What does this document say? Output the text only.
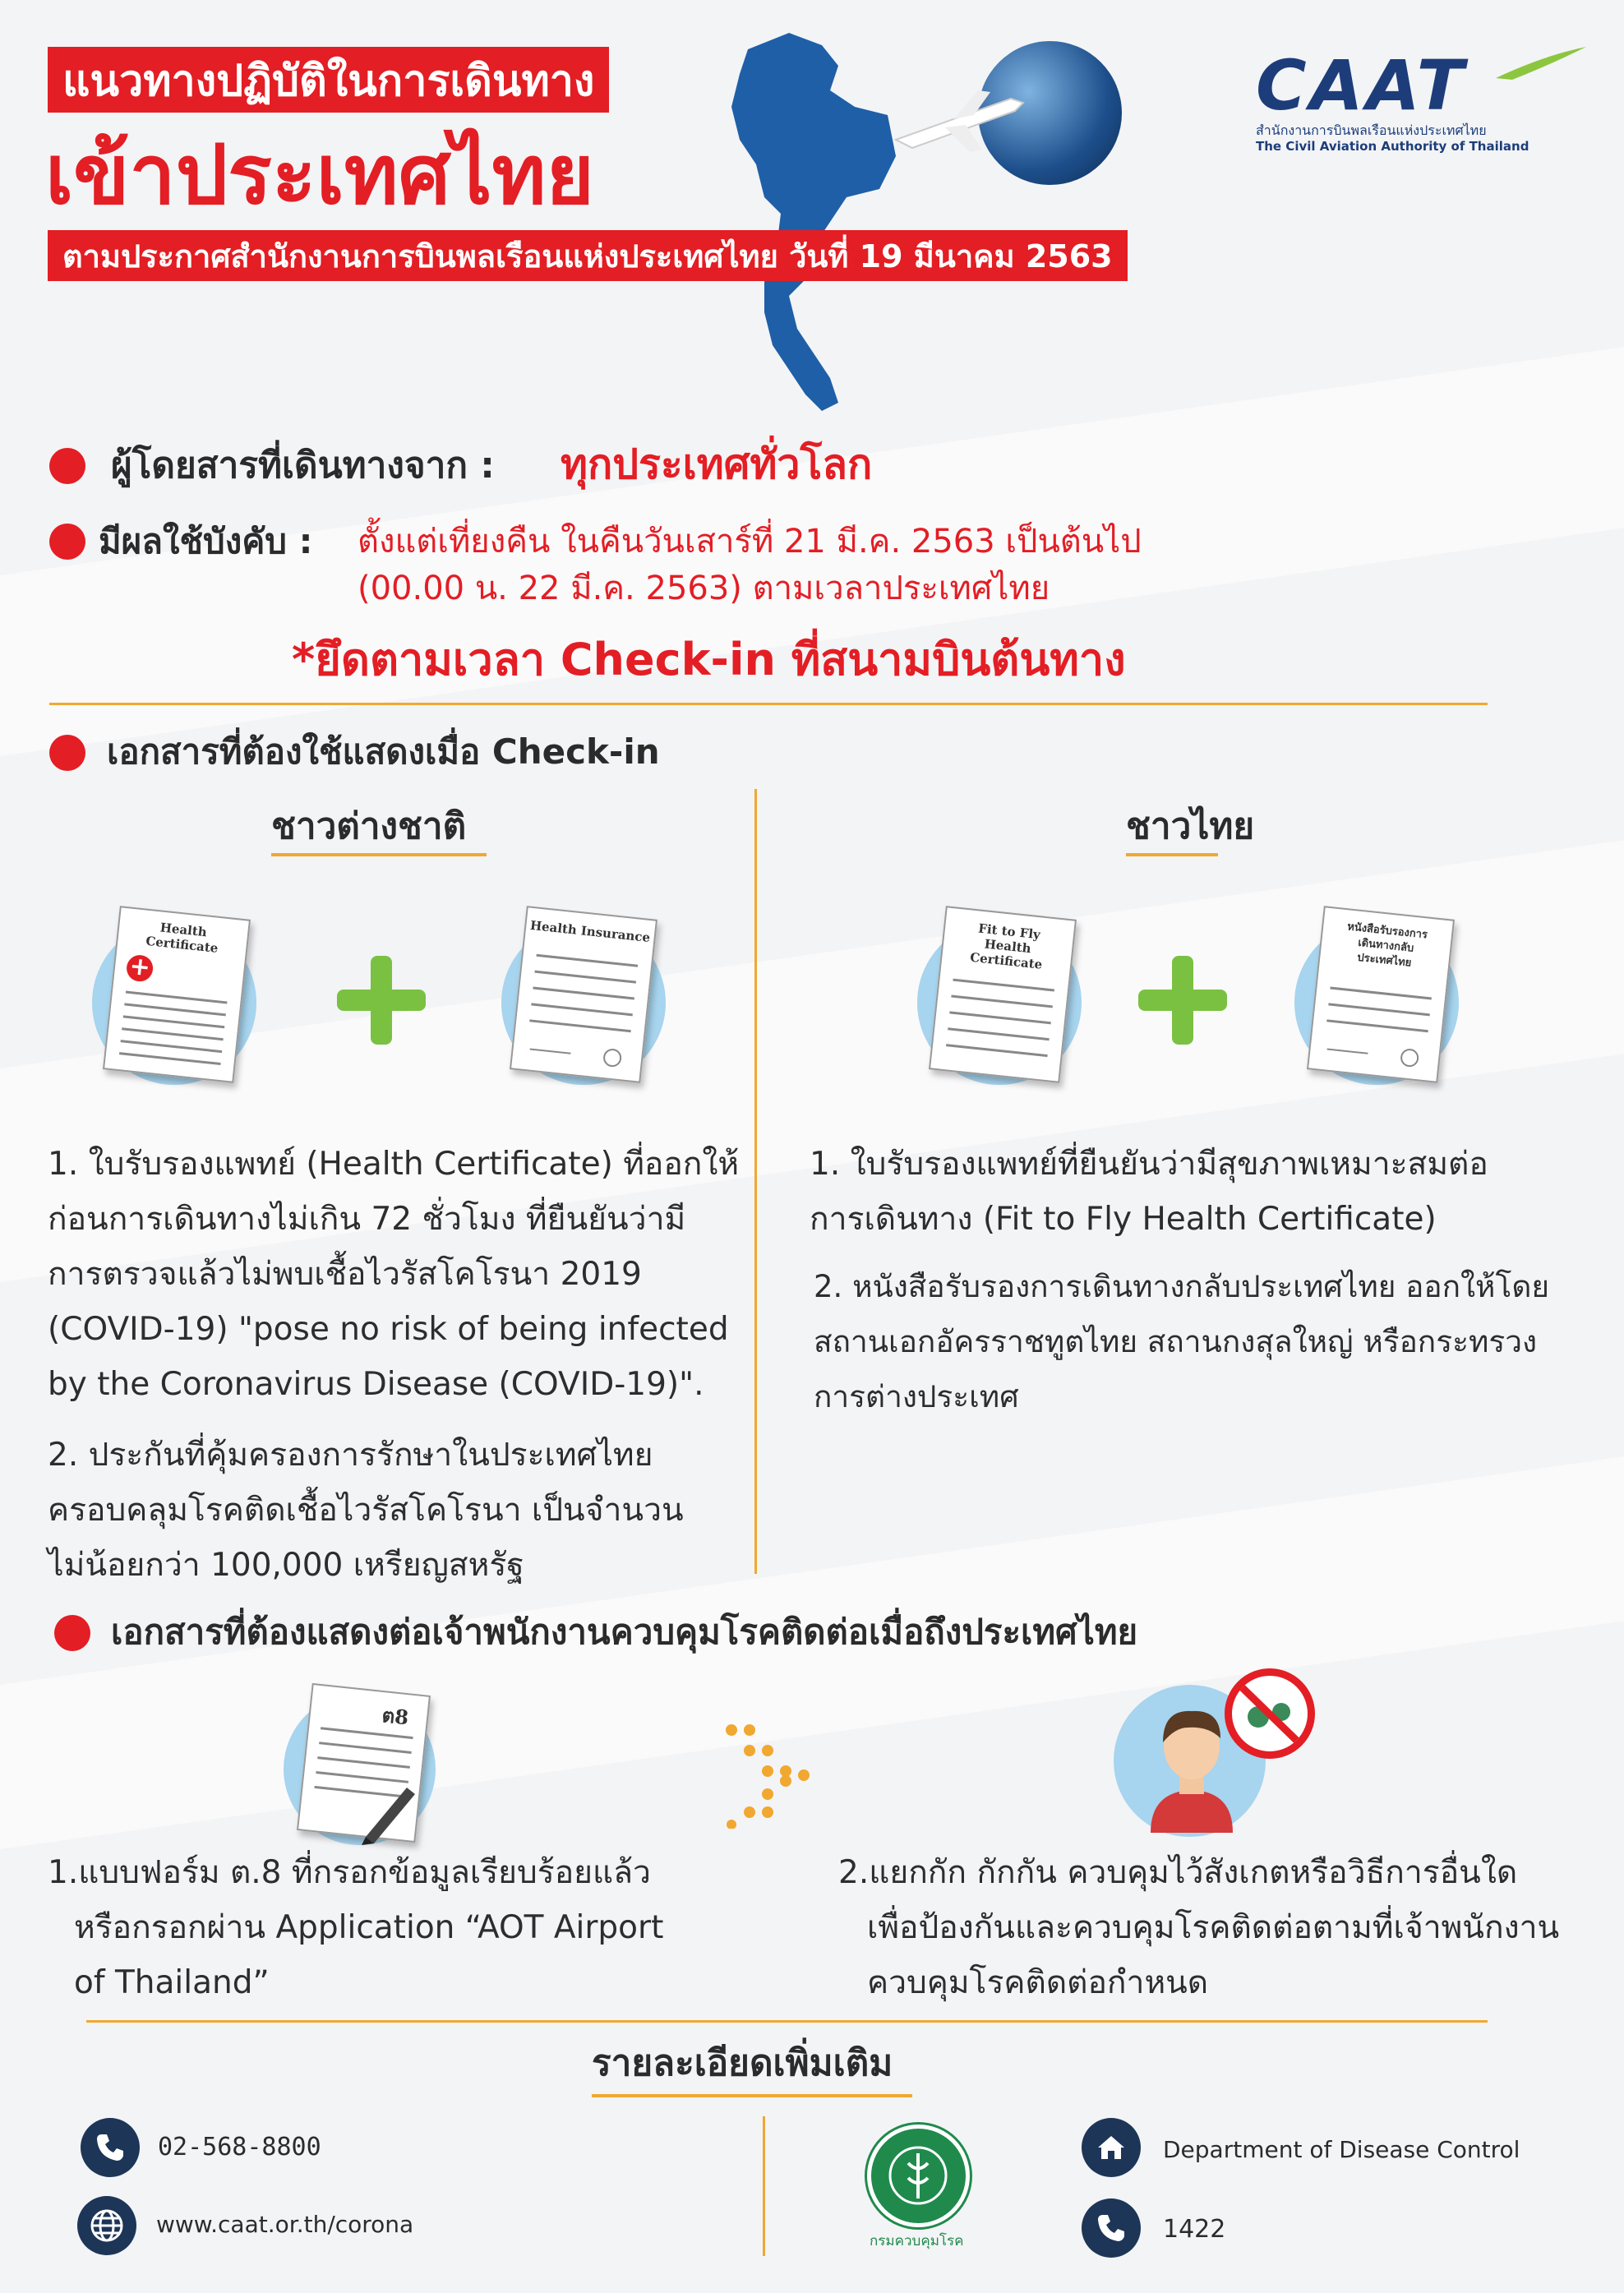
แนวทางปฏิบัติในการเดินทาง
เข้าประเทศไทย
ตามประกาศสำนักงานการบินพลเรือนแห่งประเทศไทย วันที่ 19 มีนาคม 2563
CAAT
สำนักงานการบินพลเรือนแห่งประเทศไทย
The Civil Aviation Authority of Thailand
ผู้โดยสารที่เดินทางจาก : ทุกประเทศทั่วโลก
มีผลใช้บังคับ : ตั้งแต่เที่ยงคืน ในคืนวันเสาร์ที่ 21 มี.ค. 2563 เป็นต้นไป
(00.00 น. 22 มี.ค. 2563) ตามเวลาประเทศไทย
*ยึดตามเวลา Check-in ที่สนามบินต้นทาง
เอกสารที่ต้องใช้แสดงเมื่อ Check-in
ชาวต่างชาติ
Health Certificate
+
Health Insurance
1. ใบรับรองแพทย์ (Health Certificate) ที่ออกให้
ก่อนการเดินทางไม่เกิน 72 ชั่วโมง ที่ยืนยันว่ามี
การตรวจแล้วไม่พบเชื้อไวรัสโคโรนา 2019
(COVID-19) "pose no risk of being infected
by the Coronavirus Disease (COVID-19)".
2. ประกันที่คุ้มครองการรักษาในประเทศไทย
ครอบคลุมโรคติดเชื้อไวรัสโคโรนา เป็นจำนวน
ไม่น้อยกว่า 100,000 เหรียญสหรัฐ
ชาวไทย
Fit to Fly Health Certificate
หนังสือรับรองการเดินทางกลับประเทศไทย
1. ใบรับรองแพทย์ที่ยืนยันว่ามีสุขภาพเหมาะสมต่อ
การเดินทาง (Fit to Fly Health Certificate)
2. หนังสือรับรองการเดินทางกลับประเทศไทย ออกให้โดย
สถานเอกอัครราชทูตไทย สถานกงสุลใหญ่ หรือกระทรวง
การต่างประเทศ
เอกสารที่ต้องแสดงต่อเจ้าพนักงานควบคุมโรคติดต่อเมื่อถึงประเทศไทย
ต8
1.แบบฟอร์ม ต.8 ที่กรอกข้อมูลเรียบร้อยแล้ว
หรือกรอกผ่าน Application “AOT Airport
of Thailand”
2.แยกกัก กักกัน ควบคุมไว้สังเกตหรือวิธีการอื่นใด
เพื่อป้องกันและควบคุมโรคติดต่อตามที่เจ้าพนักงาน
ควบคุมโรคติดต่อกำหนด
รายละเอียดเพิ่มเติม
02-568-8800
www.caat.or.th/corona
กรมควบคุมโรค
Department of Disease Control
1422
